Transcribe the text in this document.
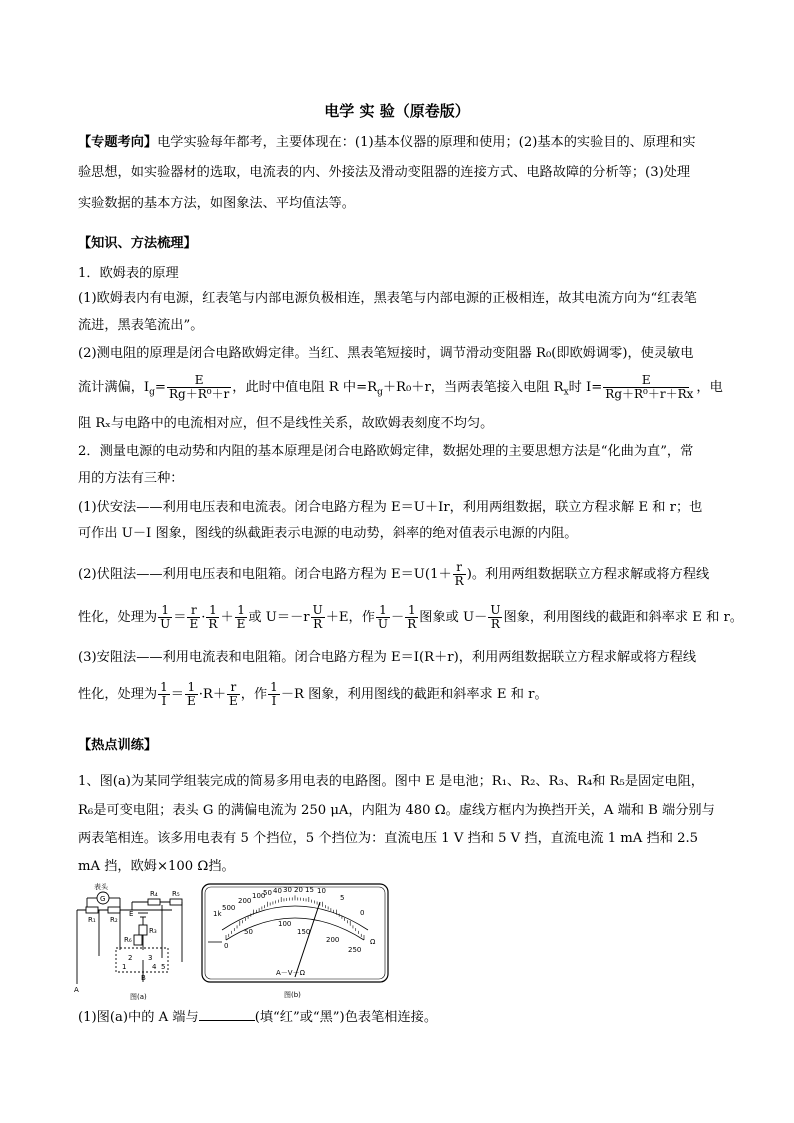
电学 实 验（原卷版）
【专题考向】电学实验每年都考，主要体现在：(1)基本仪器的原理和使用；(2)基本的实验目的、原理和实
验思想，如实验器材的选取，电流表的内、外接法及滑动变阻器的连接方式、电路故障的分析等；(3)处理
实验数据的基本方法，如图象法、平均值法等。
【知识、方法梳理】
1．欧姆表的原理
(1)欧姆表内有电源，红表笔与内部电源负极相连，黑表笔与内部电源的正极相连，故其电流方向为“红表笔
流进，黑表笔流出”。
(2)测电阻的原理是闭合电路欧姆定律。当红、黑表笔短接时，调节滑动变阻器 R₀(即欧姆调零)，使灵敏电
流计满偏，$I_g= \frac{E}{\text{Rg＋R⁰＋r}}$ ，此时中值电阻 R 中$=R_g+R_0+r$，当两表笔接入电阻 $R_x$时 $I= \frac{E}{\text{Rg＋R⁰＋r＋Rx}}$ ，电
阻 Rₓ与电路中的电流相对应，但不是线性关系，故欧姆表刻度不均匀。
2．测量电源的电动势和内阻的基本原理是闭合电路欧姆定律，数据处理的主要思想方法是“化曲为直”，常
用的方法有三种：
(1)伏安法——利用电压表和电流表。闭合电路方程为 E＝U＋Ir，利用两组数据，联立方程求解 E 和 r；也
可作出 U－I 图象，图线的纵截距表示电源的电动势，斜率的绝对值表示电源的内阻。
(2)伏阻法——利用电压表和电阻箱。闭合电路方程为 $E=U(1+ \frac{r}{R}$ )。利用两组数据联立方程求解或将方程线
性化，处理为 $\frac{1}{U} = \frac{r}{E} \cdot \frac{1}{R} + \frac{1}{E}$ 或 $U=-r \frac{U}{R} +E$，作 $\frac{1}{U} - \frac{1}{R}$ 图象或 $U- \frac{U}{R}$ 图象，利用图线的截距和斜率求 E 和 r。
(3)安阻法——利用电流表和电阻箱。闭合电路方程为 E＝I(R＋r)，利用两组数据联立方程求解或将方程线
性化，处理为 $\frac{1}{I} = \frac{1}{E} \cdot R+ \frac{r}{E}$ ，作 $\frac{1}{I} -R$ 图象，利用图线的截距和斜率求 E 和 r。
【热点训练】
1、图(a)为某同学组装完成的简易多用电表的电路图。图中 E 是电池；R₁、R₂、R₃、R₄和 R₅是固定电阻，
R₆是可变电阻；表头 G 的满偏电流为 250 μA，内阻为 480 Ω。虚线方框内为换挡开关，A 端和 B 端分别与
两表笔相连。该多用电表有 5 个挡位，5 个挡位为：直流电压 1 V 挡和 5 V 挡，直流电流 1 mA 挡和 2.5
mA 挡，欧姆×100 Ω挡。
表头
G
R₁ R₂
R₄ R₅
E
R₃
R₆
2
1
3
4 5
A
B
图(a)
1k
500
200
100
50 40 30 20 15 10
5
0
0
50
100
150
200
250
Ω
A－V－Ω
图(b)
(1)图(a)中的 A 端与	(填“红”或“黑”)色表笔相连接。
